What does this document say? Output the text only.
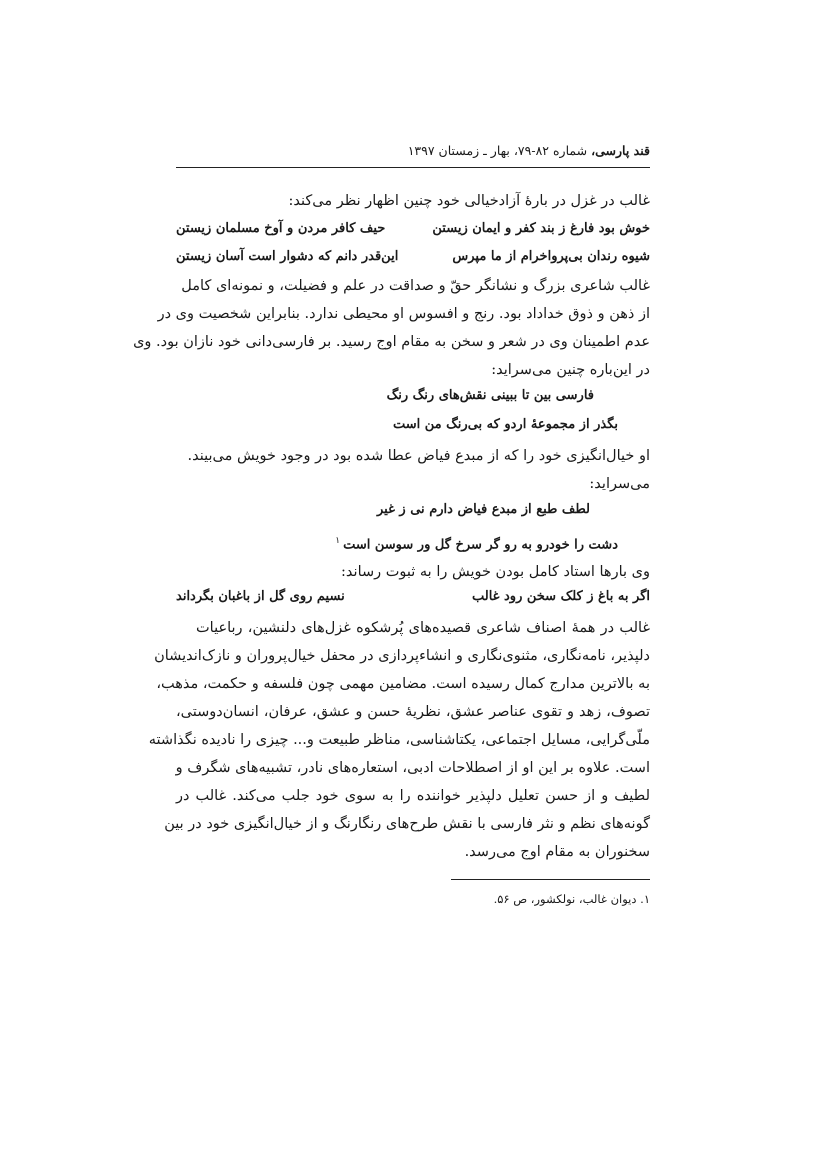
قند پارسی، شماره ۸۲-۷۹، بهار ـ زمستان ۱۳۹۷
غالب در غزل در بارۀ آزادخیالی خود چنین اظهار نظر می‌کند:
خوش بود فارغ ز بند کفر و ایمان زیستن
حیف کافر مردن و آوخ مسلمان زیستن
شیوه رندان بی‌پرواخرام از ما مپرس
این‌قدر دانم که دشوار است آسان زیستن
غالب شاعری بزرگ و نشانگر حقّ و صداقت در علم و فضیلت، و نمونه‌ای کامل
از ذهن و ذوق خداداد بود. رنج و افسوس او محیطی ندارد. بنابراین شخصیت وی در
عدم اطمینان وی در شعر و سخن به مقام اوج رسید. بر فارسی‌دانی خود نازان بود. وی
در این‌باره چنین می‌سراید:
فارسی بین تا ببینی نقش‌های رنگ رنگ
بگذر از مجموعۀ اردو که بی‌رنگ من است
او خیال‌انگیزی خود را که از مبدع فیاض عطا شده بود در وجود خویش می‌بیند.
می‌سراید:
لطف طبع از مبدع فیاض دارم نی ز غیر
دشت را خودرو به رو گر سرخ گل ور سوسن است$^۱$
وی بارها استاد کامل بودن خویش را به ثبوت رساند:
اگر به باغ ز کلک سخن رود غالب
نسیم روی گل از باغبان بگرداند
غالب در همۀ اصناف شاعری قصیده‌های پُرشکوه غزل‌های دلنشین، رباعیات
دلپذیر، نامه‌نگاری، مثنوی‌نگاری و انشاءپردازی در محفل خیال‌پروران و نازک‌اندیشان
به بالاترین مدارج کمال رسیده است. مضامین مهمی چون فلسفه و حکمت، مذهب،
تصوف، زهد و تقوی عناصر عشق، نظریۀ حسن و عشق، عرفان، انسان‌دوستی،
ملّی‌گرایی، مسایل اجتماعی، یکتاشناسی، مناظر طبیعت و... چیزی را نادیده نگذاشته
است. علاوه بر این او از اصطلاحات ادبی، استعاره‌های نادر، تشبیه‌های شگرف و
لطیف و از حسن تعلیل دلپذیر خواننده را به سوی خود جلب می‌کند. غالب در
گونه‌های نظم و نثر فارسی با نقش طرح‌های رنگارنگ و از خیال‌انگیزی خود در بین
سخنوران به مقام اوج می‌رسد.
۱. دیوان غالب، نولکشور، ص ۵۶.
